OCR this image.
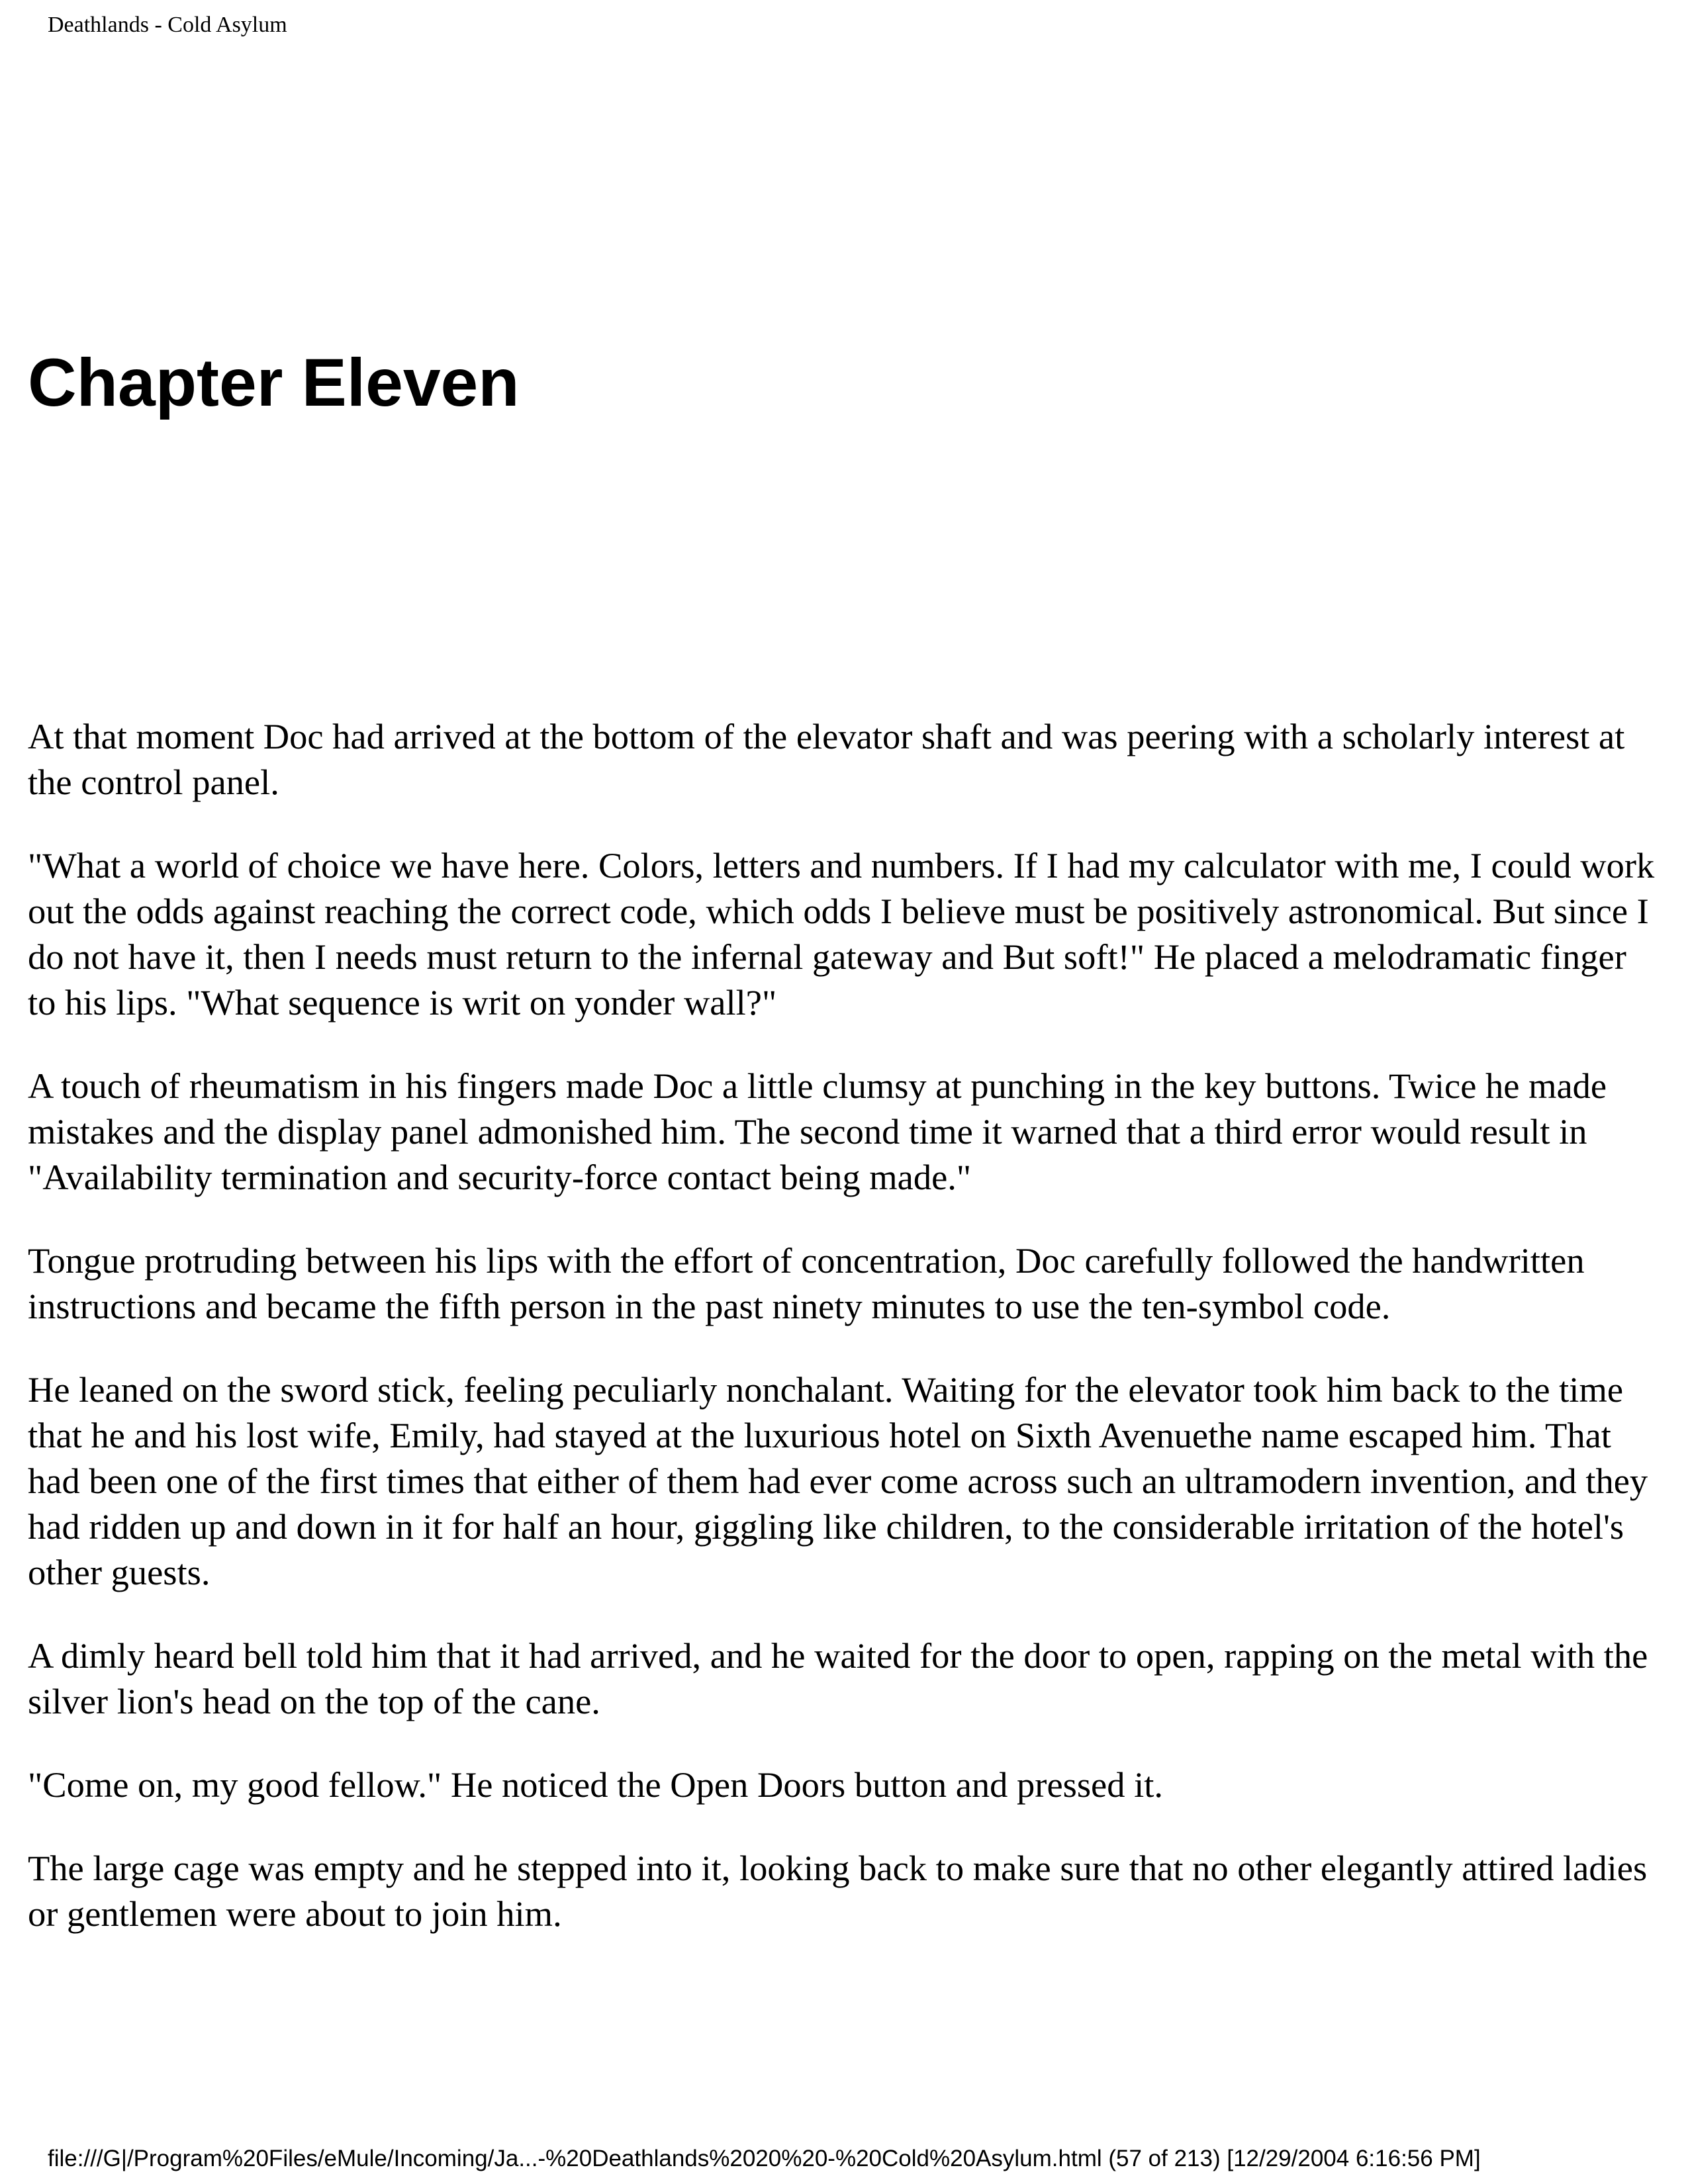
Deathlands - Cold Asylum
Chapter Eleven

At that moment Doc had arrived at the bottom of the elevator shaft and was peering with a scholarly interest at the control panel.

"What a world of choice we have here. Colors, letters and numbers. If I had my calculator with me, I could work out the odds against reaching the correct code, which odds I believe must be positively astronomical. But since I do not have it, then I needs must return to the infernal gateway and But soft!" He placed a melodramatic finger to his lips. "What sequence is writ on yonder wall?"

A touch of rheumatism in his fingers made Doc a little clumsy at punching in the key buttons. Twice he made mistakes and the display panel admonished him. The second time it warned that a third error would result in "Availability termination and security-force contact being made."

Tongue protruding between his lips with the effort of concentration, Doc carefully followed the handwritten instructions and became the fifth person in the past ninety minutes to use the ten-symbol code.

He leaned on the sword stick, feeling peculiarly nonchalant. Waiting for the elevator took him back to the time that he and his lost wife, Emily, had stayed at the luxurious hotel on Sixth Avenuethe name escaped him. That had been one of the first times that either of them had ever come across such an ultramodern invention, and they had ridden up and down in it for half an hour, giggling like children, to the considerable irritation of the hotel's other guests.

A dimly heard bell told him that it had arrived, and he waited for the door to open, rapping on the metal with the silver lion's head on the top of the cane.

"Come on, my good fellow." He noticed the Open Doors button and pressed it.

The large cage was empty and he stepped into it, looking back to make sure that no other elegantly attired ladies or gentlemen were about to join him.

file:///G|/Program%20Files/eMule/Incoming/Ja...-%20Deathlands%2020%20-%20Cold%20Asylum.html (57 of 213) [12/29/2004 6:16:56 PM]
